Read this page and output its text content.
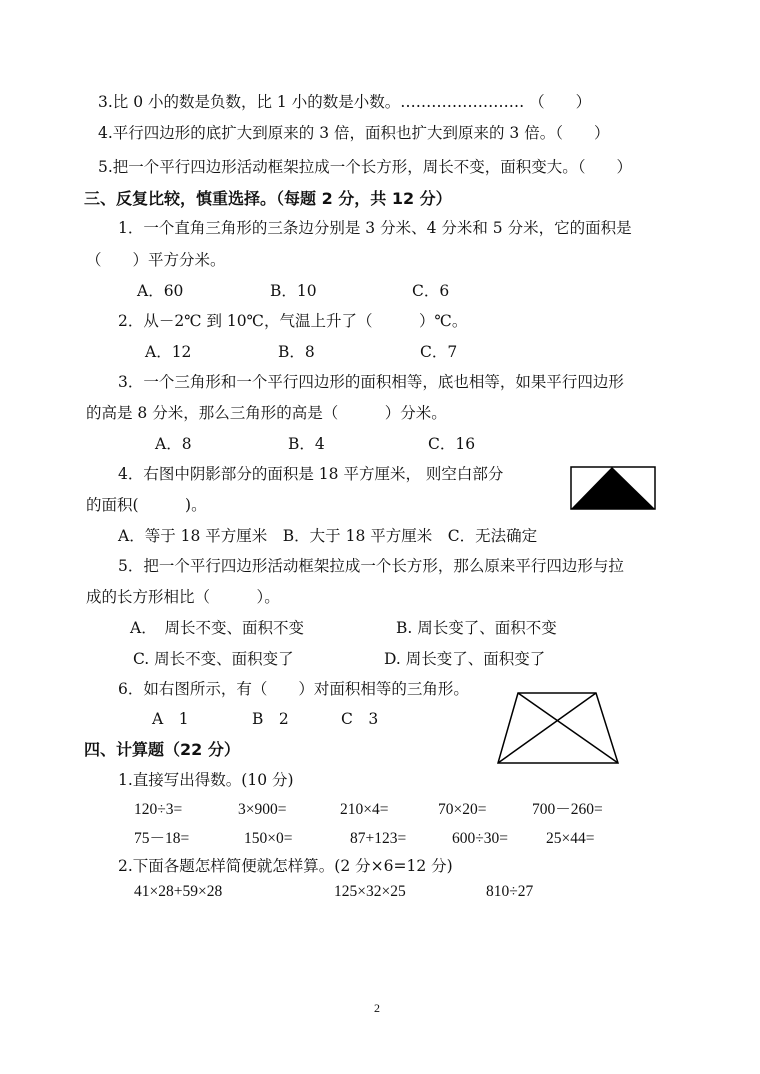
3.比 0 小的数是负数，比 1 小的数是小数。…………………… （　　）
4.平行四边形的底扩大到原来的 3 倍，面积也扩大到原来的 3 倍。（　　）
5.把一个平行四边形活动框架拉成一个长方形，周长不变，面积变大。（　　）
三、反复比较，慎重选择。（每题 2 分，共 12 分）
1．一个直角三角形的三条边分别是 3 分米、4 分米和 5 分米，它的面积是
（　　）平方分米。
A．60	B．10	C．6
2．从－2℃ 到 10℃，气温上升了（　　　）℃。
A．12	B．8	C．7
3．一个三角形和一个平行四边形的面积相等，底也相等，如果平行四边形
的高是 8 分米，那么三角形的高是（　　　）分米。
A．8	B．4	C．16
4．右图中阴影部分的面积是 18 平方厘米， 则空白部分
的面积(　　　)。
A．等于 18 平方厘米　B．大于 18 平方厘米　C．无法确定
5．把一个平行四边形活动框架拉成一个长方形，那么原来平行四边形与拉
成的长方形相比（　　　）。
A．　周长不变、面积不变	B. 周长变了、面积不变
C. 周长不变、面积变了	D. 周长变了、面积变了
6．如右图所示，有（　　）对面积相等的三角形。
A　1	B　2	C　3
四、计算题（22 分）
1.直接写出得数。(10 分)
120÷3=	3×900=	210×4=	70×20=	700－260=
75－18=	150×0=	87+123=	600÷30= 25×44=
2.下面各题怎样简便就怎样算。(2 分×6=12 分)
41×28+59×28	125×32×25	810÷27
2
